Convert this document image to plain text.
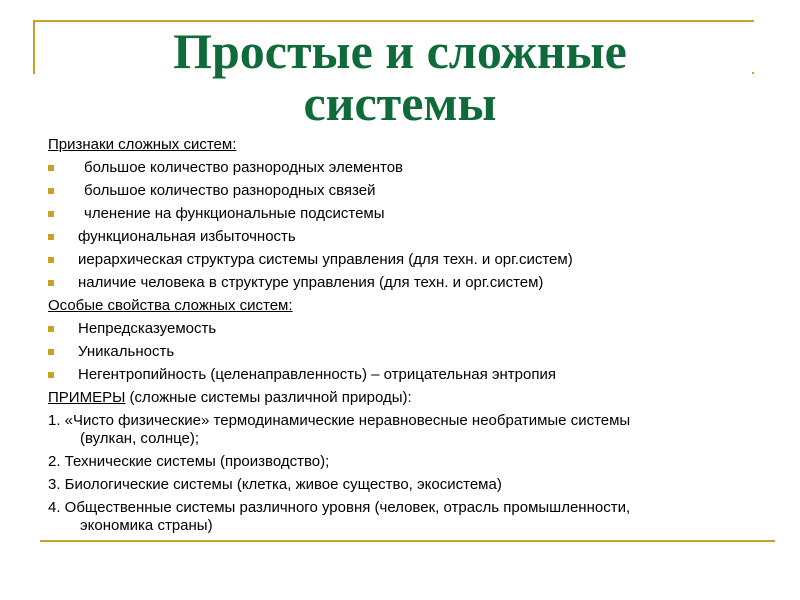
Простые и сложные
системы
Признаки сложных систем:
большое количество разнородных элементов
большое количество разнородных связей
членение на функциональные подсистемы
функциональная избыточность
иерархическая структура системы управления (для техн. и орг.систем)
наличие человека в структуре управления (для техн. и орг.систем)
Особые свойства сложных систем:
Непредсказуемость
Уникальность
Негентропийность (целенаправленность) – отрицательная энтропия
ПРИМЕРЫ (сложные системы различной природы):
1. «Чисто физические» термодинамические неравновесные необратимые системы
(вулкан, солнце);
2. Технические системы (производство);
3. Биологические системы (клетка, живое существо, экосистема)
4. Общественные системы различного уровня (человек, отрасль промышленности,
экономика страны)
